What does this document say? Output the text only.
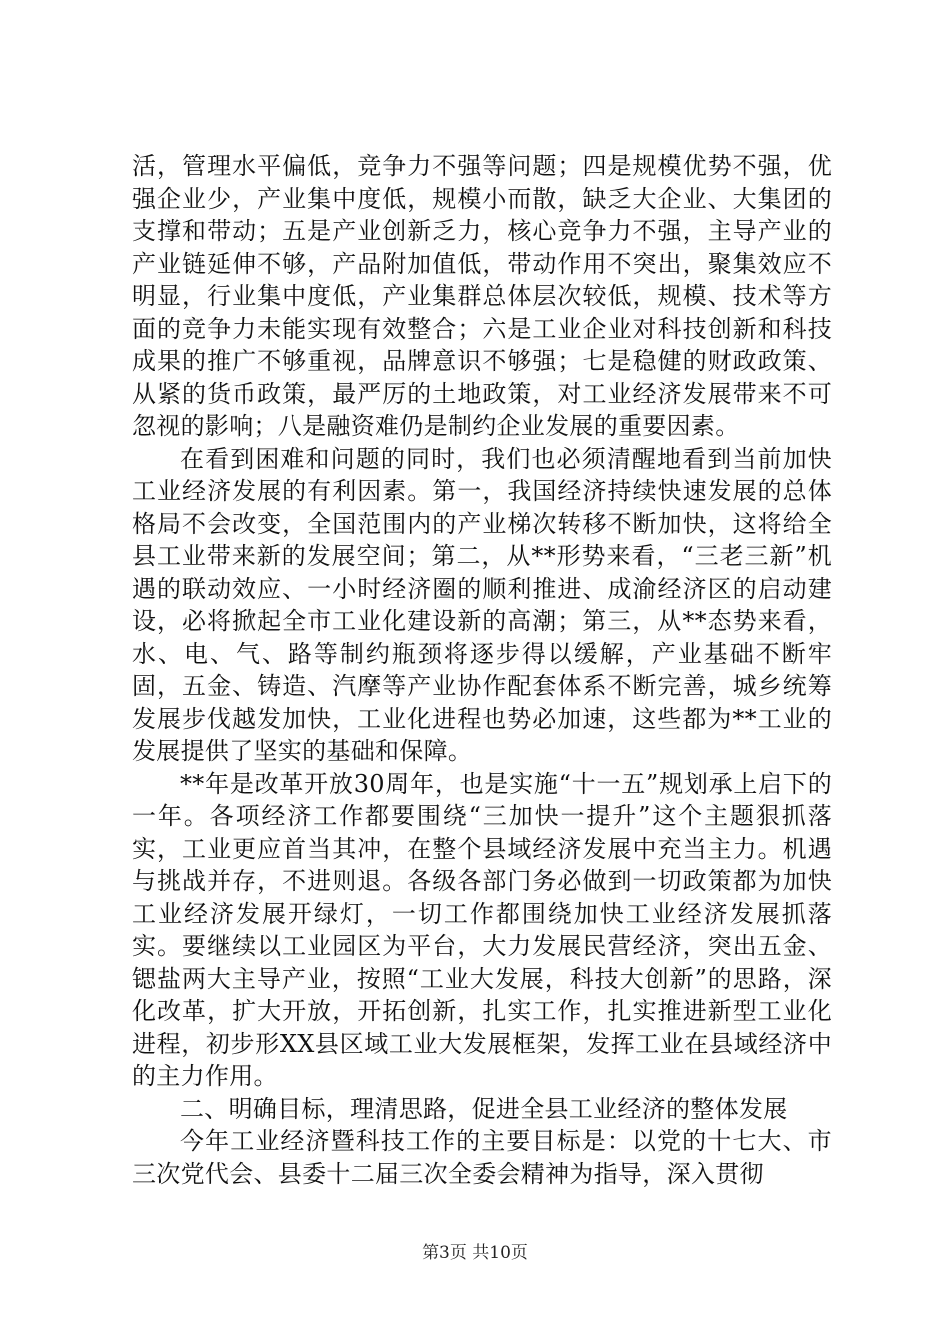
活，管理水平偏低，竞争力不强等问题；四是规模优势不强，优强企业少，产业集中度低，规模小而散，缺乏大企业、大集团的支撑和带动；五是产业创新乏力，核心竞争力不强，主导产业的产业链延伸不够，产品附加值低，带动作用不突出，聚集效应不明显，行业集中度低，产业集群总体层次较低，规模、技术等方面的竞争力未能实现有效整合；六是工业企业对科技创新和科技成果的推广不够重视，品牌意识不够强；七是稳健的财政政策、从紧的货币政策，最严厉的土地政策，对工业经济发展带来不可忽视的影响；八是融资难仍是制约企业发展的重要因素。

在看到困难和问题的同时，我们也必须清醒地看到当前加快工业经济发展的有利因素。第一，我国经济持续快速发展的总体格局不会改变，全国范围内的产业梯次转移不断加快，这将给全县工业带来新的发展空间；第二，从**形势来看，“三老三新”机遇的联动效应、一小时经济圈的顺利推进、成渝经济区的启动建设，必将掀起全市工业化建设新的高潮；第三，从**态势来看，水、电、气、路等制约瓶颈将逐步得以缓解，产业基础不断牢固，五金、铸造、汽摩等产业协作配套体系不断完善，城乡统筹发展步伐越发加快，工业化进程也势必加速，这些都为**工业的发展提供了坚实的基础和保障。

**年是改革开放30周年，也是实施“十一五”规划承上启下的一年。各项经济工作都要围绕“三加快一提升”这个主题狠抓落实，工业更应首当其冲，在整个县域经济发展中充当主力。机遇与挑战并存，不进则退。各级各部门务必做到一切政策都为加快工业经济发展开绿灯，一切工作都围绕加快工业经济发展抓落实。要继续以工业园区为平台，大力发展民营经济，突出五金、锶盐两大主导产业，按照“工业大发展，科技大创新”的思路，深化改革，扩大开放，开拓创新，扎实工作，扎实推进新型工业化进程，初步形XX县区域工业大发展框架，发挥工业在县域经济中的主力作用。

二、明确目标，理清思路，促进全县工业经济的整体发展

今年工业经济暨科技工作的主要目标是：以党的十七大、市三次党代会、县委十二届三次全委会精神为指导，深入贯彻

第3页 共10页
